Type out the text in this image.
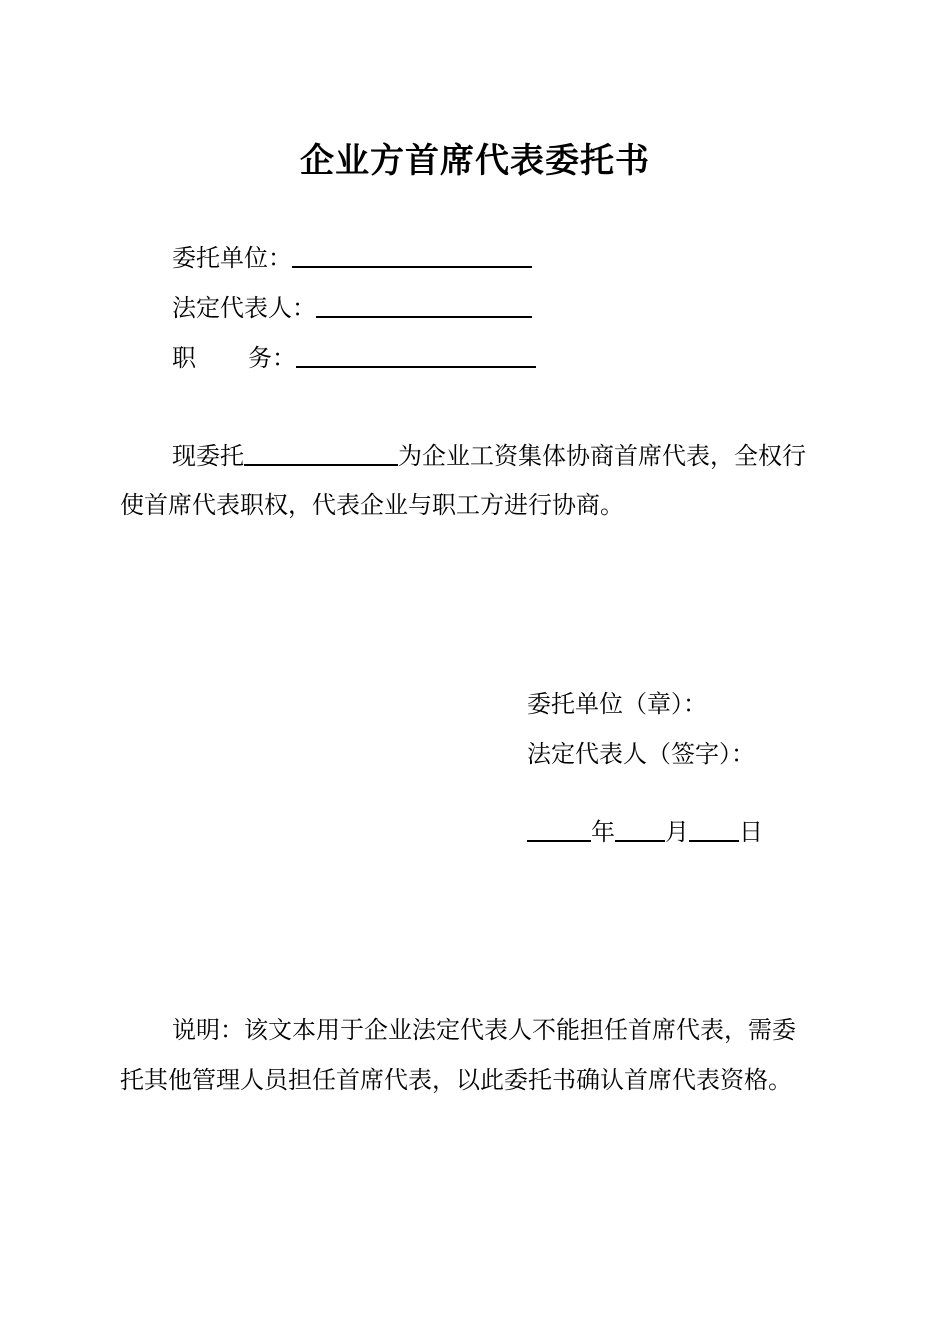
企业方首席代表委托书
委托单位：
法定代表人：
职 务：
现委托	为企业工资集体协商首席代表，全权行
使首席代表职权，代表企业与职工方进行协商。
委托单位（章）：
法定代表人（签字）：
年 月 日
说明：该文本用于企业法定代表人不能担任首席代表，需委
托其他管理人员担任首席代表，以此委托书确认首席代表资格。
